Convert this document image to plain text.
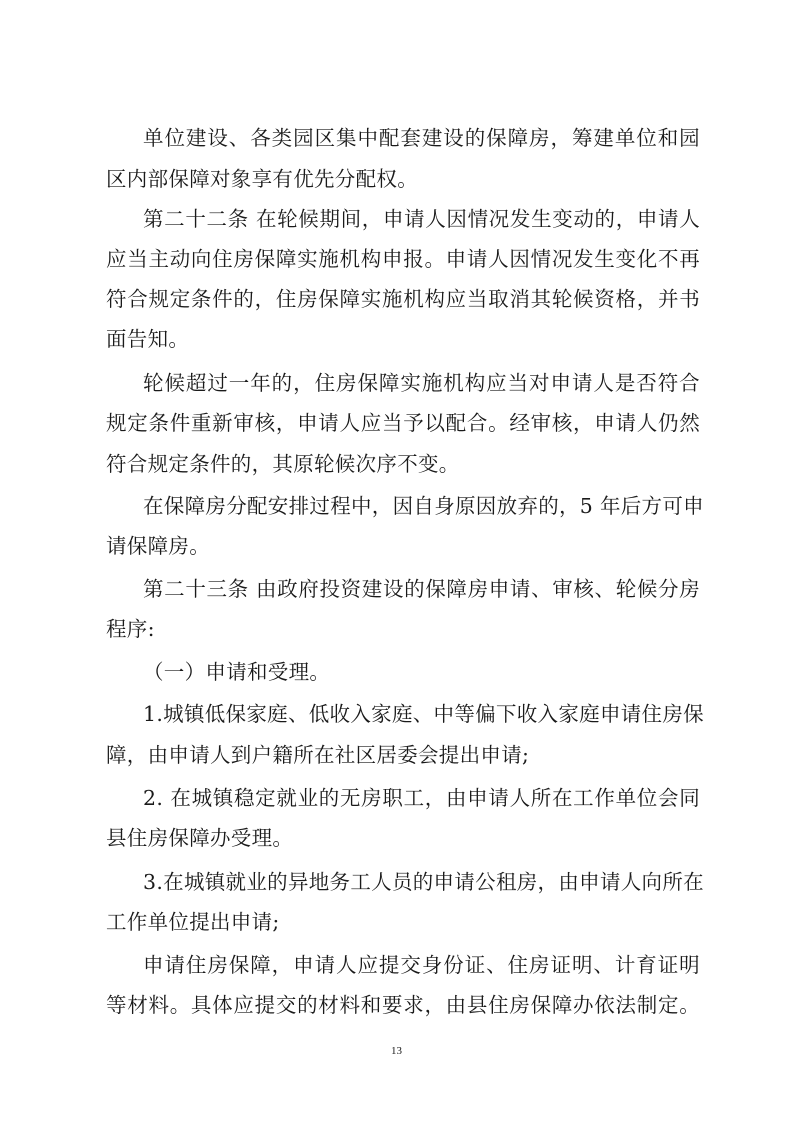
单位建设、各类园区集中配套建设的保障房，筹建单位和园
区内部保障对象享有优先分配权。
第二十二条 在轮候期间，申请人因情况发生变动的，申请人
应当主动向住房保障实施机构申报。申请人因情况发生变化不再
符合规定条件的，住房保障实施机构应当取消其轮候资格，并书
面告知。
轮候超过一年的，住房保障实施机构应当对申请人是否符合
规定条件重新审核，申请人应当予以配合。经审核，申请人仍然
符合规定条件的，其原轮候次序不变。
在保障房分配安排过程中，因自身原因放弃的，5 年后方可申
请保障房。
第二十三条 由政府投资建设的保障房申请、审核、轮候分房
程序:
（一）申请和受理。
1.城镇低保家庭、低收入家庭、中等偏下收入家庭申请住房保
障，由申请人到户籍所在社区居委会提出申请;
2. 在城镇稳定就业的无房职工，由申请人所在工作单位会同
县住房保障办受理。
3.在城镇就业的异地务工人员的申请公租房，由申请人向所在
工作单位提出申请;
申请住房保障，申请人应提交身份证、住房证明、计育证明
等材料。具体应提交的材料和要求，由县住房保障办依法制定。
13
